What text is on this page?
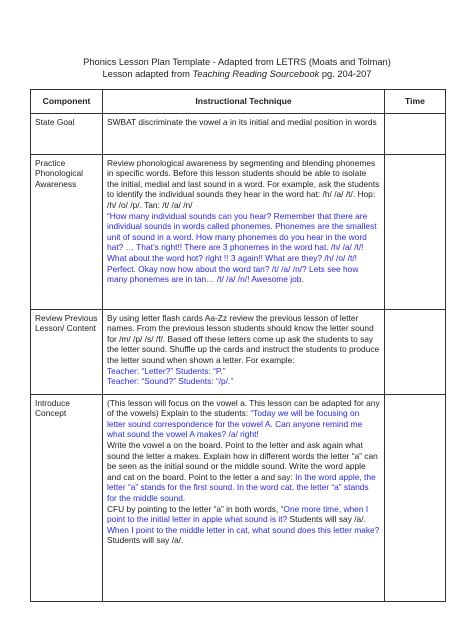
Phonics Lesson Plan Template - Adapted from LETRS (Moats and Tolman)
Lesson adapted from Teaching Reading Sourcebook pg. 204-207
Component	Instructional Technique	Time
State Goal	SWBAT discriminate the vowel a in its initial and medial position in words	
Practice Phonological Awareness	Review phonological awareness by segmenting and blending phonemes in specific words. Before this lesson students should be able to isolate the initial, medial and last sound in a word. For example, ask the students to identify the individual sounds they hear in the word hat: /h/ /a/ /t/. Hop: /h/ /o/ /p/. Tan: /t/ /a/ /n/
“How many individual sounds can you hear? Remember that there are individual sounds in words called phonemes. Phonemes are the smallest unit of sound in a word. How many phonemes do you hear in the word hat? … That’s right!! There are 3 phonemes in the word hat. /h/ /a/ /t/! What about the word hot? right !! 3 again!! What are they? /h/ /o/ /t/! Perfect. Okay now how about the word tan? /t/ /a/ /n/? Lets see how many phonemes are in tan… /t/ /a/ /n/! Awesome job.	
Review Previous Lesson/ Content	By using letter flash cards Aa-Zz review the previous lesson of letter names. From the previous lesson students should know the letter sound for /m/ /p/ /s/ /f/. Based off these letters come up ask the students to say the letter sound. Shuffle up the cards and instruct the students to produce the letter sound when shown a letter. For example:
Teacher: “Letter?” Students: “P.”
Teacher: “Sound?” Students: “/p/.”	
Introduce Concept	(This lesson will focus on the vowel a. This lesson can be adapted for any of the vowels) Explain to the students: “Today we will be focusing on letter sound correspondence for the vowel A. Can anyone remind me what sound the vowel A makes? /a/ right!
Write the vowel a on the board. Point to the letter and ask again what sound the letter a makes. Explain how in different words the letter “a” can be seen as the initial sound or the middle sound. Write the word apple and cat on the board. Point to the letter a and say: In the word apple, the letter “a” stands for the first sound. In the word cat, the letter “a” stands for the middle sound.
CFU by pointing to the letter “a” in both words, “One more time, when I point to the initial letter in apple what sound is it? Students will say /a/. When I point to the middle letter in cat, what sound does this letter make? Students will say /a/.	
